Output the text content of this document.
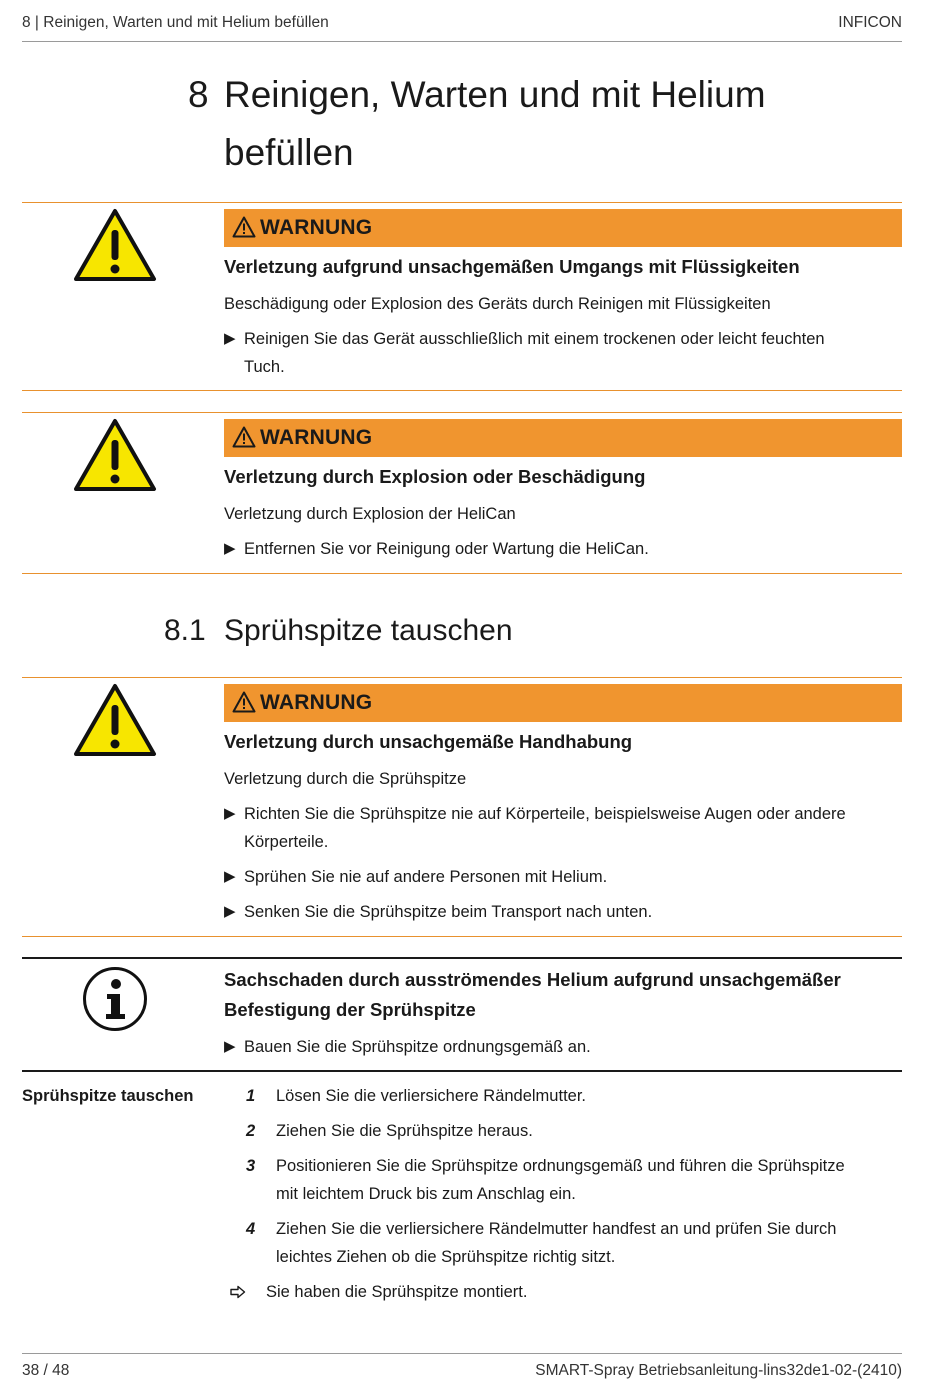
8 | Reinigen, Warten und mit Helium befüllen	INFICON
8 Reinigen, Warten und mit Helium
befüllen
WARNUNG
Verletzung aufgrund unsachgemäßen Umgangs mit Flüssigkeiten
Beschädigung oder Explosion des Geräts durch Reinigen mit Flüssigkeiten
▶ Reinigen Sie das Gerät ausschließlich mit einem trockenen oder leicht feuchten
Tuch.
WARNUNG
Verletzung durch Explosion oder Beschädigung
Verletzung durch Explosion der HeliCan
▶ Entfernen Sie vor Reinigung oder Wartung die HeliCan.
8.1 Sprühspitze tauschen
WARNUNG
Verletzung durch unsachgemäße Handhabung
Verletzung durch die Sprühspitze
▶ Richten Sie die Sprühspitze nie auf Körperteile, beispielsweise Augen oder andere
Körperteile.
▶ Sprühen Sie nie auf andere Personen mit Helium.
▶ Senken Sie die Sprühspitze beim Transport nach unten.
Sachschaden durch ausströmendes Helium aufgrund unsachgemäßer
Befestigung der Sprühspitze
▶ Bauen Sie die Sprühspitze ordnungsgemäß an.
Sprühspitze tauschen	1 Lösen Sie die verliersichere Rändelmutter.
2 Ziehen Sie die Sprühspitze heraus.
3 Positionieren Sie die Sprühspitze ordnungsgemäß und führen die Sprühspitze
mit leichtem Druck bis zum Anschlag ein.
4 Ziehen Sie die verliersichere Rändelmutter handfest an und prüfen Sie durch
leichtes Ziehen ob die Sprühspitze richtig sitzt.
Sie haben die Sprühspitze montiert.
38 / 48	SMART-Spray Betriebsanleitung-lins32de1-02-(2410)
